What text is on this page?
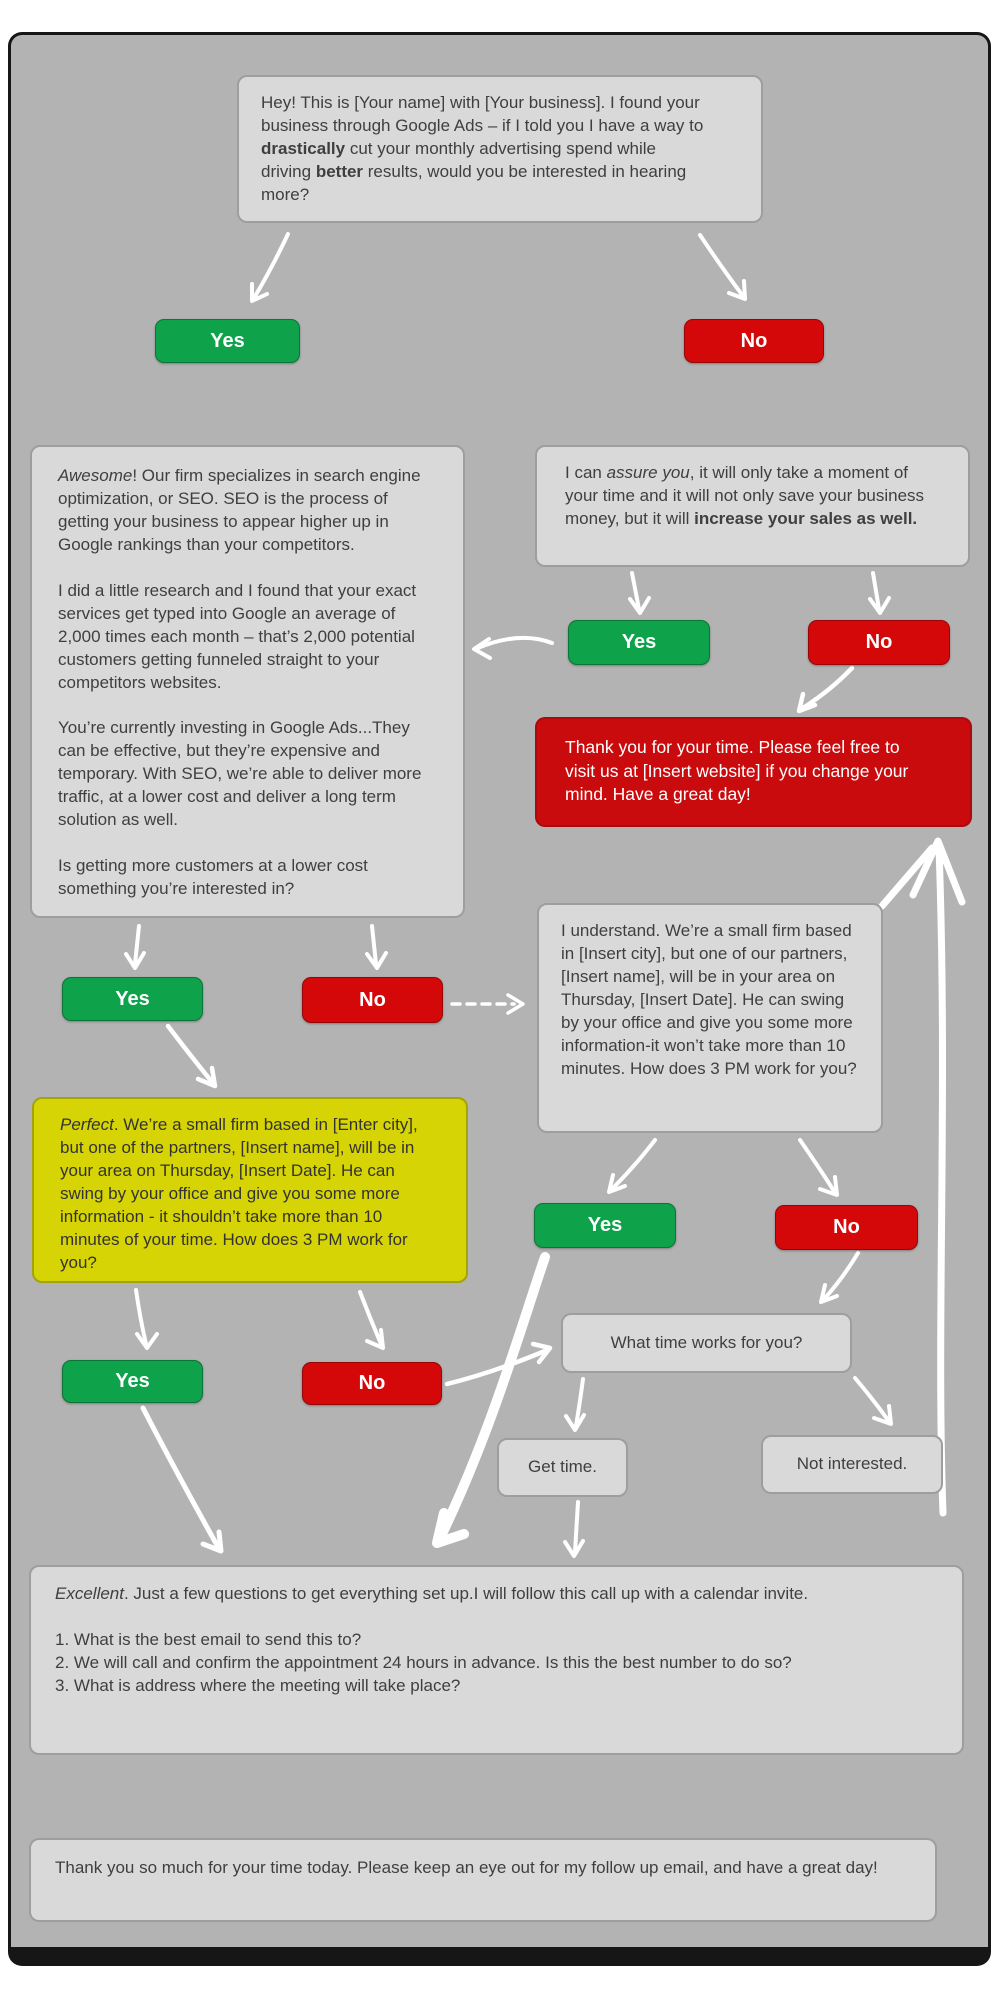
Hey! This is [Your name] with [Your business]. I found your business through Google Ads – if I told you I have a way to drastically cut your monthly advertising spend while driving better results, would you be interested in hearing more?
Yes	No

Awesome! Our firm specializes in search engine optimization, or SEO. SEO is the process of getting your business to appear higher up in Google rankings than your competitors.

I did a little research and I found that your exact services get typed into Google an average of 2,000 times each month – that’s 2,000 potential customers getting funneled straight to your competitors websites.

You’re currently investing in Google Ads...They can be effective, but they’re expensive and temporary. With SEO, we’re able to deliver more traffic, at a lower cost and deliver a long term solution as well.

Is getting more customers at a lower cost something you’re interested in?

I can assure you, it will only take a moment of your time and it will not only save your business money, but it will increase your sales as well.
Yes	No
Thank you for your time. Please feel free to visit us at [Insert website] if you change your mind. Have a great day!
I understand. We’re a small firm based in [Insert city], but one of our partners, [Insert name], will be in your area on Thursday, [Insert Date]. He can swing by your office and give you some more information-it won’t take more than 10 minutes. How does 3 PM work for you?
Yes	No
Perfect. We’re a small firm based in [Enter city], but one of the partners, [Insert name], will be in your area on Thursday, [Insert Date]. He can swing by your office and give you some more information - it shouldn’t take more than 10 minutes of your time. How does 3 PM work for you?
Yes	No
What time works for you?
Yes	No
Get time.	Not interested.

Excellent. Just a few questions to get everything set up.I will follow this call up with a calendar invite.

1. What is the best email to send this to?
2. We will call and confirm the appointment 24 hours in advance. Is this the best number to do so?
3. What is address where the meeting will take place?
Thank you so much for your time today. Please keep an eye out for my follow up email, and have a great day!
